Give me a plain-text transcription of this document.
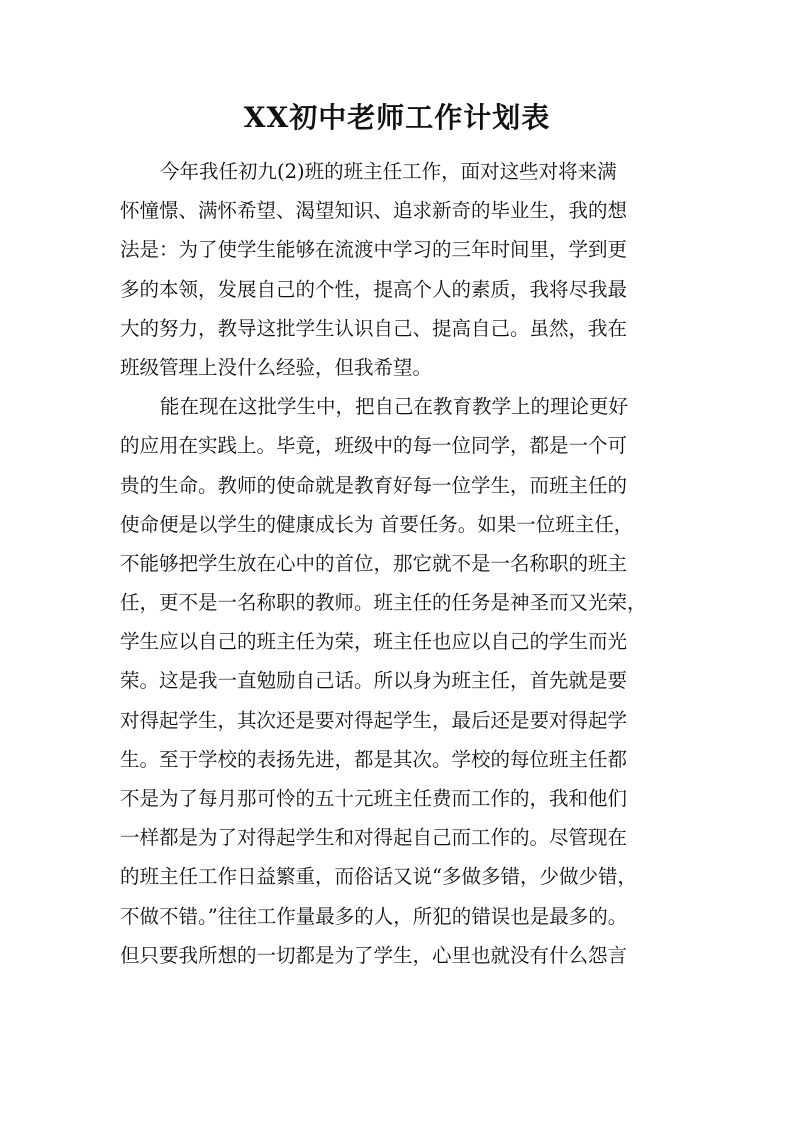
XX初中老师工作计划表
今年我任初九(2)班的班主任工作，面对这些对将来满
怀憧憬、满怀希望、渴望知识、追求新奇的毕业生，我的想
法是：为了使学生能够在流渡中学习的三年时间里，学到更
多的本领，发展自己的个性，提高个人的素质，我将尽我最
大的努力，教导这批学生认识自己、提高自己。虽然，我在
班级管理上没什么经验，但我希望。
能在现在这批学生中，把自己在教育教学上的理论更好
的应用在实践上。毕竟，班级中的每一位同学，都是一个可
贵的生命。教师的使命就是教育好每一位学生，而班主任的
使命便是以学生的健康成长为 首要任务。如果一位班主任，
不能够把学生放在心中的首位，那它就不是一名称职的班主
任，更不是一名称职的教师。班主任的任务是神圣而又光荣，
学生应以自己的班主任为荣，班主任也应以自己的学生而光
荣。这是我一直勉励自己话。所以身为班主任，首先就是要
对得起学生，其次还是要对得起学生，最后还是要对得起学
生。至于学校的表扬先进，都是其次。学校的每位班主任都
不是为了每月那可怜的五十元班主任费而工作的，我和他们
一样都是为了对得起学生和对得起自己而工作的。尽管现在
的班主任工作日益繁重，而俗话又说“多做多错，少做少错，
不做不错。”往往工作量最多的人，所犯的错误也是最多的。
但只要我所想的一切都是为了学生，心里也就没有什么怨言
